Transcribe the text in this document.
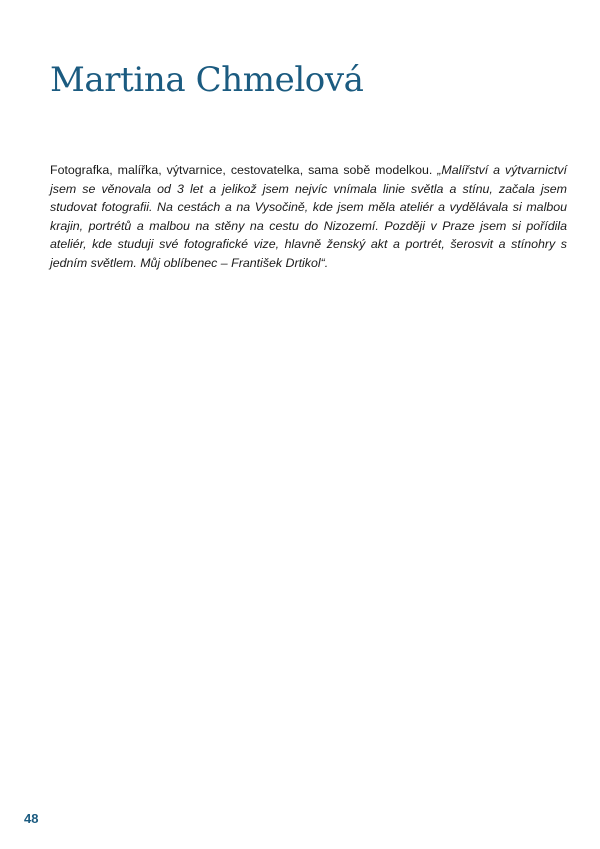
Martina Chmelová

Fotografka, malířka, výtvarnice, cestovatelka, sama sobě modelkou. „Malířství a výtvarnictví jsem se věnovala od 3 let a jelikož jsem nejvíc vnímala linie světla a stínu, začala jsem studovat fotografii. Na cestách a na Vysočině, kde jsem měla ateliér a vydělávala si malbou krajin, portrétů a malbou na stěny na cestu do Nizozemí. Později v Praze jsem si pořídila ateliér, kde studuji své fotografické vize, hlavně ženský akt a portrét, šerosvit a stínohry s jedním světlem. Můj oblíbenec – František Drtikol“.

48
